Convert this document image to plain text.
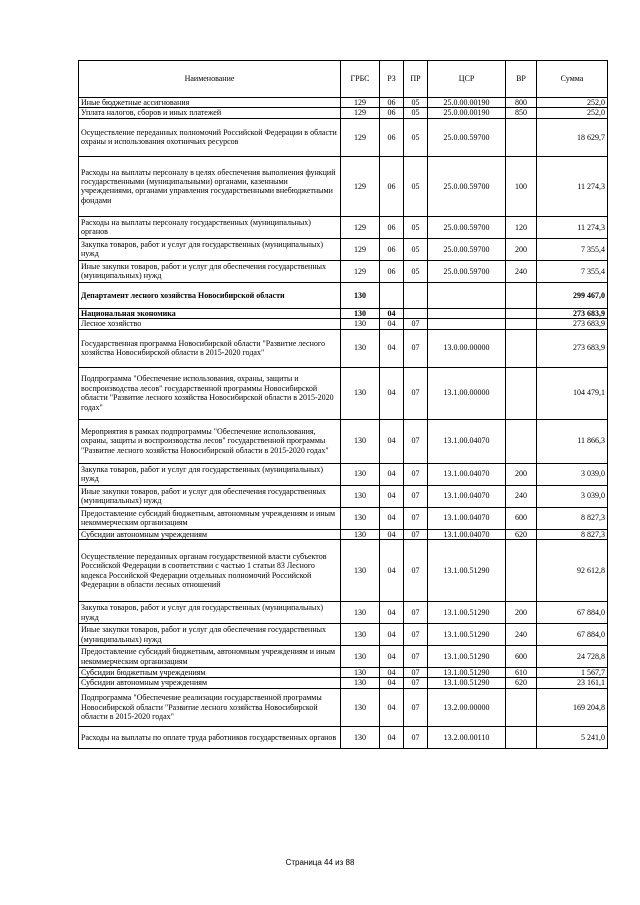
Наименование	ГРБС	РЗ	ПР	ЦСР	ВР	Сумма
Иные бюджетные ассигнования	129	06	05	25.0.00.00190	800	252,0
Уплата налогов, сборов и иных платежей	129	06	05	25.0.00.00190	850	252,0
Осуществление переданных полномочий Российской Федерации в области охраны и использования охотничьих ресурсов	129	06	05	25.0.00.59700		18 629,7
Расходы на выплаты персоналу в целях обеспечения выполнения функций государственными (муниципальными) органами, казенными учреждениями, органами управления государственными внебюджетными фондами	129	06	05	25.0.00.59700	100	11 274,3
Расходы на выплаты персоналу государственных (муниципальных) органов	129	06	05	25.0.00.59700	120	11 274,3
Закупка товаров, работ и услуг для государственных (муниципальных) нужд	129	06	05	25.0.00.59700	200	7 355,4
Иные закупки товаров, работ и услуг для обеспечения государственных (муниципальных) нужд	129	06	05	25.0.00.59700	240	7 355,4
Департамент лесного хозяйства Новосибирской области	130					299 467,0
Национальная экономика	130	04				273 683,9
Лесное хозяйство	130	04	07			273 683,9
Государственная программа Новосибирской области "Развитие лесного хозяйства Новосибирской области в 2015-2020 годах"	130	04	07	13.0.00.00000		273 683,9
Подпрограмма "Обеспечение использования, охраны, защиты и воспроизводства лесов" государственной программы Новосибирской области "Развитие лесного хозяйства Новосибирской области в 2015-2020 годах"	130	04	07	13.1.00.00000		104 479,1
Мероприятия в рамках подпрограммы "Обеспечение использования, охраны, защиты и воспроизводства лесов" государственной программы "Развитие лесного хозяйства Новосибирской области в 2015-2020 годах"	130	04	07	13.1.00.04070		11 866,3
Закупка товаров, работ и услуг для государственных (муниципальных) нужд	130	04	07	13.1.00.04070	200	3 039,0
Иные закупки товаров, работ и услуг для обеспечения государственных (муниципальных) нужд	130	04	07	13.1.00.04070	240	3 039,0
Предоставление субсидий бюджетным, автономным учреждениям и иным некоммерческим организациям	130	04	07	13.1.00.04070	600	8 827,3
Субсидии автономным учреждениям	130	04	07	13.1.00.04070	620	8 827,3
Осуществление переданных органам государственной власти субъектов Российской Федерации в соответствии с частью 1 статьи 83 Лесного кодекса Российской Федерации отдельных полномочий Российской Федерации в области лесных отношений	130	04	07	13.1.00.51290		92 612,8
Закупка товаров, работ и услуг для государственных (муниципальных) нужд	130	04	07	13.1.00.51290	200	67 884,0
Иные закупки товаров, работ и услуг для обеспечения государственных (муниципальных) нужд	130	04	07	13.1.00.51290	240	67 884,0
Предоставление субсидий бюджетным, автономным учреждениям и иным некоммерческим организациям	130	04	07	13.1.00.51290	600	24 728,8
Субсидии бюджетным учреждениям	130	04	07	13.1.00.51290	610	1 567,7
Субсидии автономным учреждениям	130	04	07	13.1.00.51290	620	23 161,1
Подпрограмма "Обеспечение реализации государственной программы Новосибирской области "Развитие лесного хозяйства Новосибирской области в 2015-2020 годах"	130	04	07	13.2.00.00000		169 204,8
Расходы на выплаты по оплате труда работников государственных органов	130	04	07	13.2.00.00110		5 241,0
Страница 44 из 88
